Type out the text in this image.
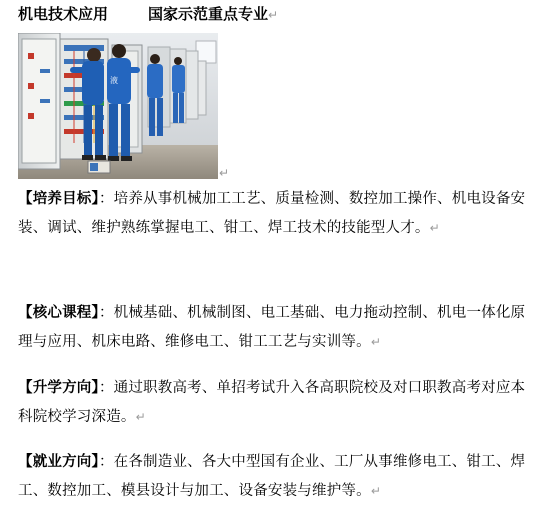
机电技术应用	国家示范重点专业↵
液
↵
【培养目标】：培养从事机械加工工艺、质量检测、数控加工操作、机电设备安装、调试、维护熟练掌握电工、钳工、焊工技术的技能型人才。↵
【核心课程】：机械基础、机械制图、电工基础、电力拖动控制、机电一体化原理与应用、机床电路、维修电工、钳工工艺与实训等。↵
【升学方向】：通过职教高考、单招考试升入各高职院校及对口职教高考对应本科院校学习深造。↵
【就业方向】：在各制造业、各大中型国有企业、工厂从事维修电工、钳工、焊工、数控加工、模县设计与加工、设备安装与维护等。↵
